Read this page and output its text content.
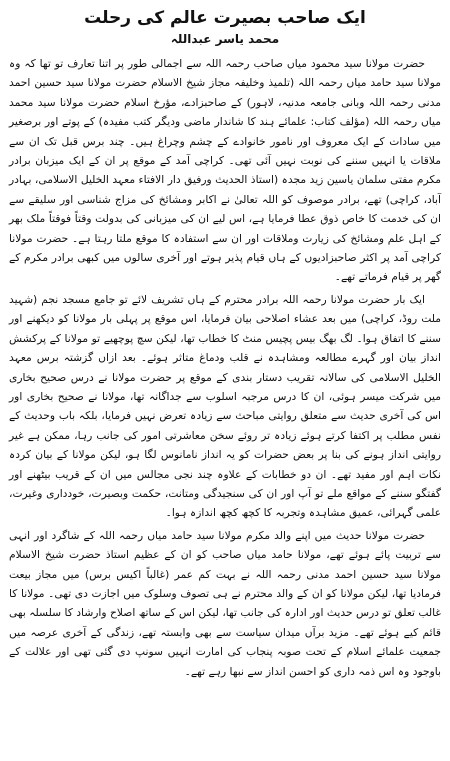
ایک صاحب بصیرت عالم کی رحلت
محمد یاسر عبداللہ

حضرت مولانا سید محمود میاں صاحب رحمہ اللہ سے اجمالی طور پر اتنا تعارف تو تھا کہ وہ مولانا سید حامد میاں رحمہ اللہ (تلمیذ وخلیفہ مجاز شیخ الاسلام حضرت مولانا سید حسین احمد مدنی رحمہ اللہ وبانی جامعہ مدنیہ، لاہور) کے صاحبزادے، مؤرخ اسلام حضرت مولانا سید محمد میاں رحمہ اللہ (مؤلف کتاب: علمائے ہند کا شاندار ماضی ودیگر کتب مفیدہ) کے پوتے اور برصغیر میں سادات کے ایک معروف اور نامور خانوادے کے چشم وچراغ ہیں۔ چند برس قبل تک ان سے ملاقات یا انہیں سننے کی نوبت نہیں آئی تھی۔ کراچی آمد کے موقع پر ان کے ایک میزبان برادر مکرم مفتی سلمان یاسین زید مجدہ (استاذ الحدیث ورفیق دار الافتاء معہد الخلیل الاسلامی، بہادر آباد، کراچی) تھے، برادر موصوف کو اللہ تعالیٰ نے اکابر ومشائخ کی مزاج شناسی اور سلیقے سے ان کی خدمت کا خاص ذوق عطا فرمایا ہے، اس لیے ان کی میزبانی کی بدولت وقتاً فوقتاً ملک بھر کے اہل علم ومشائخ کی زیارت وملاقات اور ان سے استفادہ کا موقع ملتا رہتا ہے۔ حضرت مولانا کراچی آمد پر اکثر صاحبزادیوں کے ہاں قیام پذیر ہوتے اور آخری سالوں میں کبھی برادر مکرم کے گھر پر قیام فرماتے تھے۔

ایک بار حضرت مولانا رحمہ اللہ برادر محترم کے ہاں تشریف لائے تو جامع مسجد نجم (شہید ملت روڈ، کراچی) میں بعد عشاء اصلاحی بیان فرمایا، اس موقع پر پہلی بار مولانا کو دیکھنے اور سننے کا اتفاق ہوا۔ لگ بھگ بیس پچیس منٹ کا خطاب تھا، لیکن سچ پوچھیے تو مولانا کے پرکشش انداز بیان اور گہرے مطالعہ ومشاہدہ نے قلب ودماغ متاثر ہوئے۔ بعد ازاں گزشتہ برس معہد الخلیل الاسلامی کی سالانہ تقریب دستار بندی کے موقع پر حضرت مولانا نے درس صحیح بخاری میں شرکت میسر ہوئی، ان کا درس مرجبہ اسلوب سے جداگانہ تھا، مولانا نے صحیح بخاری اور اس کی آخری حدیث سے متعلق روایتی مباحث سے زیادہ تعرض نہیں فرمایا، بلکہ باب وحدیث کے نفس مطلب پر اکتفا کرتے ہوئے زیادہ تر روئے سخن معاشرتی امور کی جانب رہا، ممکن ہے غیر روایتی انداز ہونے کی بنا پر بعض حضرات کو یہ انداز نامانوس لگا ہو، لیکن مولانا کے بیان کردہ نکات اہم اور مفید تھے۔ ان دو خطابات کے علاوہ چند نجی مجالس میں ان کے قریب بیٹھنے اور گفتگو سننے کے مواقع ملے تو آپ اور ان کی سنجیدگی ومتانت، حکمت وبصیرت، خودداری وغیرت، علمی گہرائی، عمیق مشاہدہ وتجربہ کا کچھ کچھ اندازہ ہوا۔

حضرت مولانا حدیث میں اپنے والد مکرم مولانا سید حامد میاں رحمہ اللہ کے شاگرد اور انہی سے تربیت پائے ہوئے تھے، مولانا حامد میاں صاحب کو ان کے عظیم استاذ حضرت شیخ الاسلام مولانا سید حسین احمد مدنی رحمہ اللہ نے بہت کم عمر (غالباً اکیس برس) میں مجاز بیعت فرمادیا تھا، لیکن مولانا کو ان کے والد محترم نے ہی تصوف وسلوک میں اجازت دی تھی۔ مولانا کا غالب تعلق تو درس حدیث اور ادارہ کی جانب تھا، لیکن اس کے ساتھ اصلاح وارشاد کا سلسلہ بھی قائم کیے ہوئے تھے۔ مزید برآں میدان سیاست سے بھی وابستہ تھے، زندگی کے آخری عرصہ میں جمعیت علمائے اسلام کے تحت صوبہ پنجاب کی امارت انہیں سونپ دی گئی تھی اور علالت کے باوجود وہ اس ذمہ داری کو احسن انداز سے نبھا رہے تھے۔
